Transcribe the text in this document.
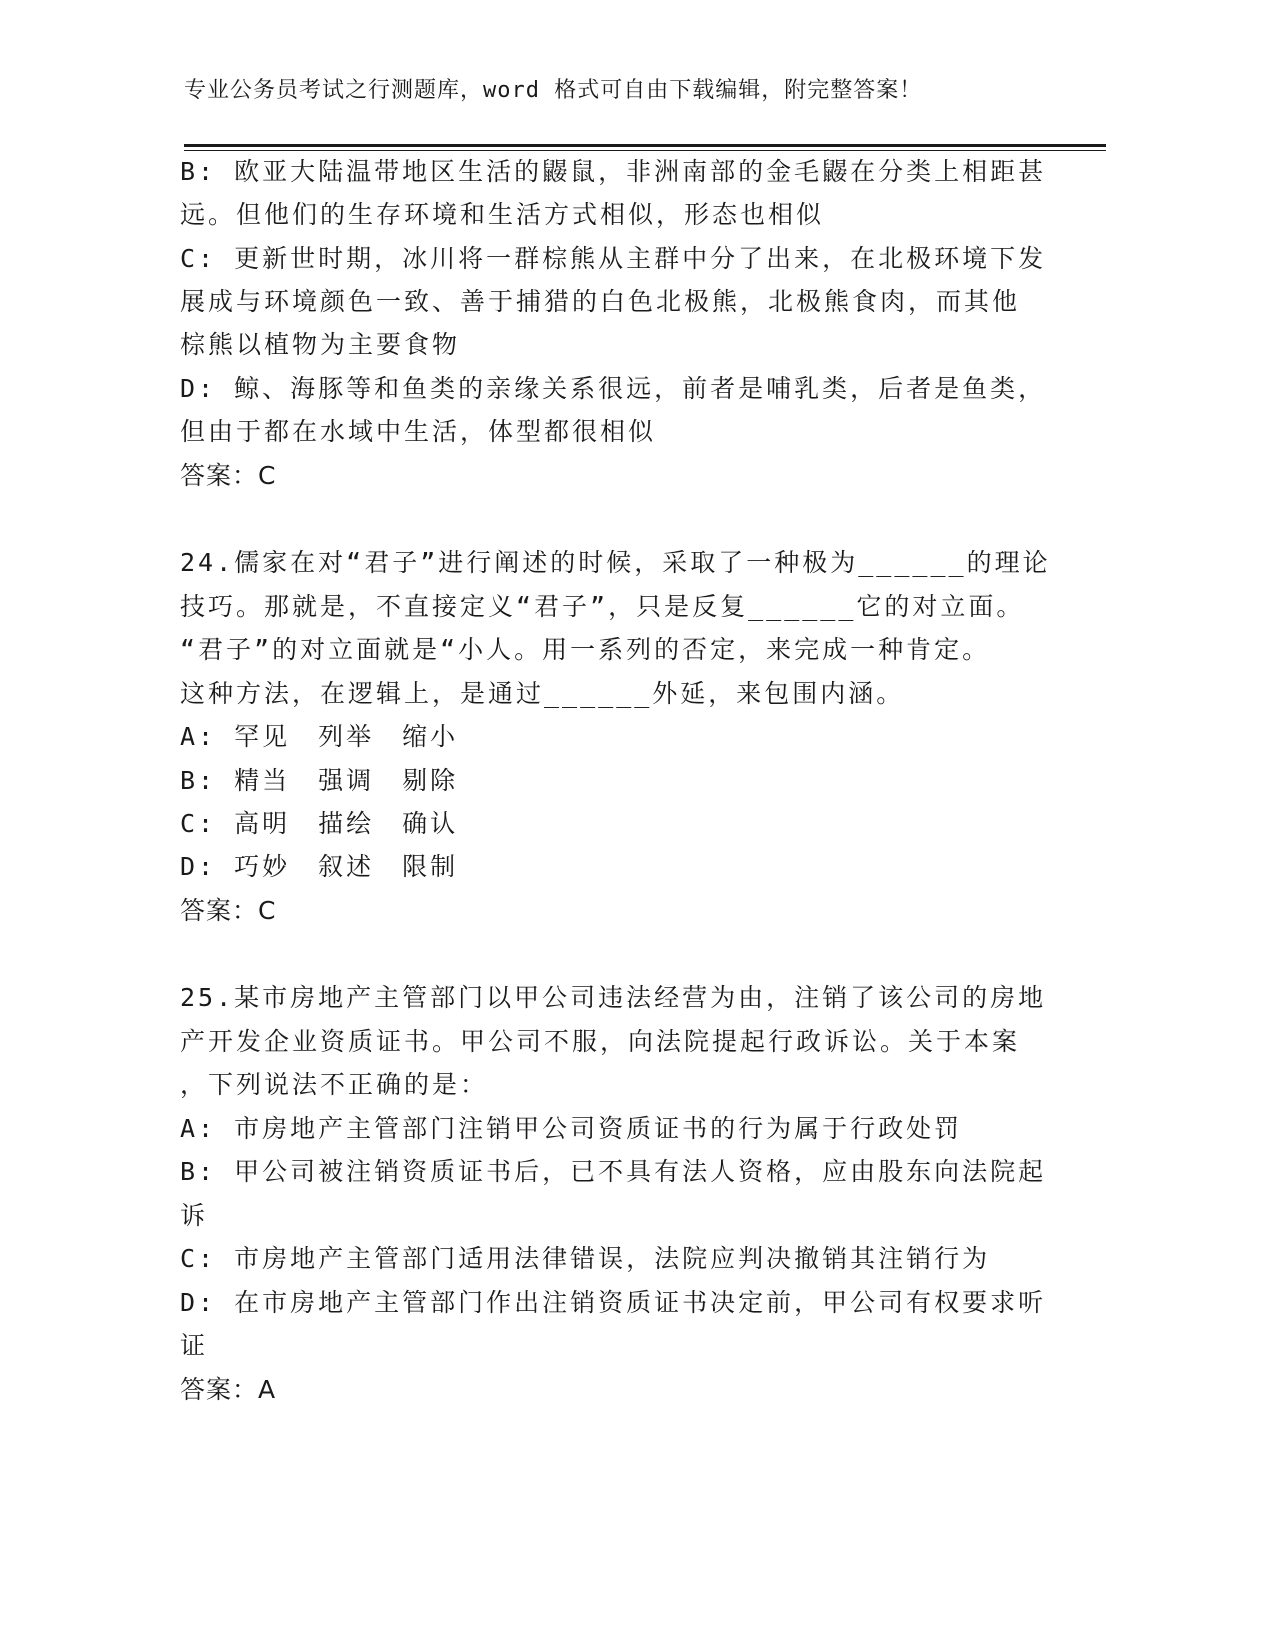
专业公务员考试之行测题库，word 格式可自由下载编辑，附完整答案！
B: 欧亚大陆温带地区生活的鼹鼠，非洲南部的金毛鼹在分类上相距甚
远。但他们的生存环境和生活方式相似，形态也相似
C: 更新世时期，冰川将一群棕熊从主群中分了出来，在北极环境下发
展成与环境颜色一致、善于捕猎的白色北极熊，北极熊食肉，而其他
棕熊以植物为主要食物
D: 鲸、海豚等和鱼类的亲缘关系很远，前者是哺乳类，后者是鱼类，
但由于都在水域中生活，体型都很相似
答案：C
24.儒家在对“君子”进行阐述的时候，采取了一种极为______的理论
技巧。那就是，不直接定义“君子”，只是反复______它的对立面。
“君子”的对立面就是“小人。用一系列的否定，来完成一种肯定。
这种方法，在逻辑上，是通过______外延，来包围内涵。
A: 罕见　列举　缩小
B: 精当　强调　剔除
C: 高明　描绘　确认
D: 巧妙　叙述　限制
答案：C
25.某市房地产主管部门以甲公司违法经营为由，注销了该公司的房地
产开发企业资质证书。甲公司不服，向法院提起行政诉讼。关于本案
，下列说法不正确的是：
A: 市房地产主管部门注销甲公司资质证书的行为属于行政处罚
B: 甲公司被注销资质证书后，已不具有法人资格，应由股东向法院起
诉
C: 市房地产主管部门适用法律错误，法院应判决撤销其注销行为
D: 在市房地产主管部门作出注销资质证书决定前，甲公司有权要求听
证
答案：A
